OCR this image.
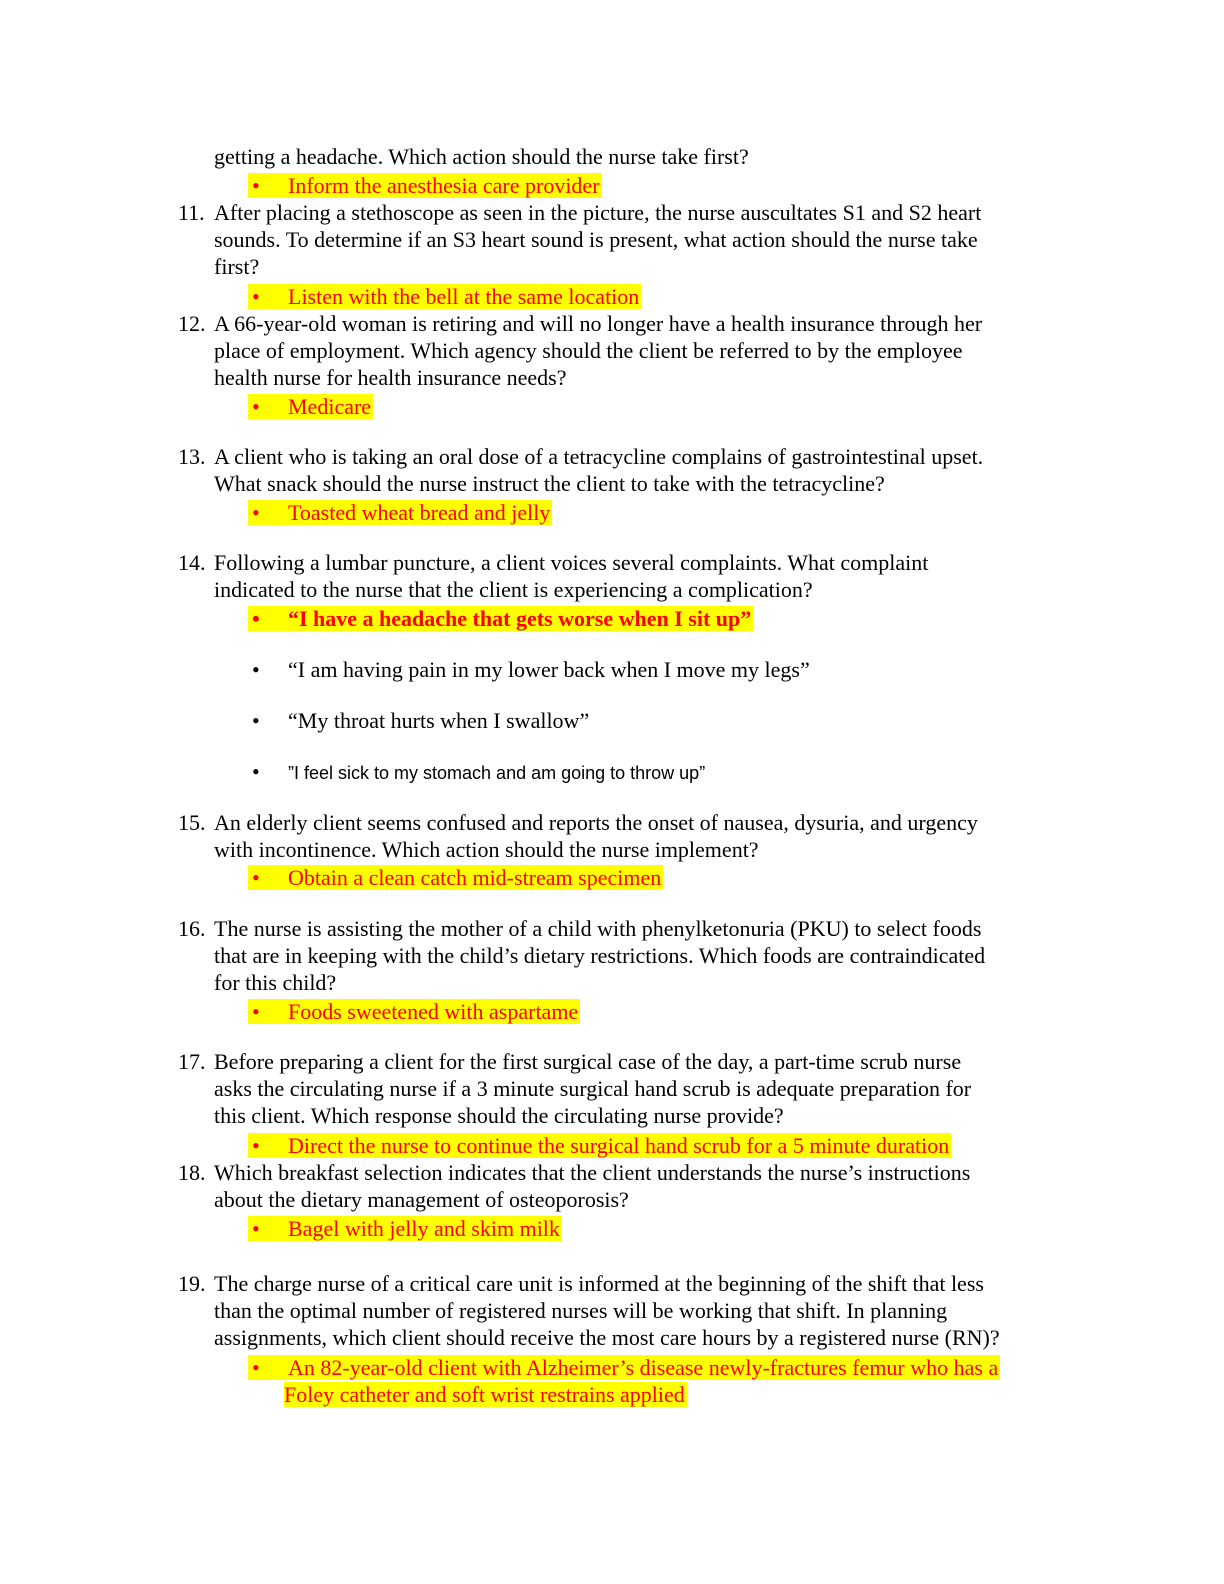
getting a headache. Which action should the nurse take first?
• Inform the anesthesia care provider
11. After placing a stethoscope as seen in the picture, the nurse auscultates S1 and S2 heart
sounds. To determine if an S3 heart sound is present, what action should the nurse take
first?
• Listen with the bell at the same location
12. A 66-year-old woman is retiring and will no longer have a health insurance through her
place of employment. Which agency should the client be referred to by the employee
health nurse for health insurance needs?
• Medicare
13. A client who is taking an oral dose of a tetracycline complains of gastrointestinal upset.
What snack should the nurse instruct the client to take with the tetracycline?
• Toasted wheat bread and jelly
14. Following a lumbar puncture, a client voices several complaints. What complaint
indicated to the nurse that the client is experiencing a complication?
• “I have a headache that gets worse when I sit up”
• “I am having pain in my lower back when I move my legs”
• “My throat hurts when I swallow”
• ”I feel sick to my stomach and am going to throw up”
15. An elderly client seems confused and reports the onset of nausea, dysuria, and urgency
with incontinence. Which action should the nurse implement?
• Obtain a clean catch mid-stream specimen
16. The nurse is assisting the mother of a child with phenylketonuria (PKU) to select foods
that are in keeping with the child’s dietary restrictions. Which foods are contraindicated
for this child?
• Foods sweetened with aspartame
17. Before preparing a client for the first surgical case of the day, a part-time scrub nurse
asks the circulating nurse if a 3 minute surgical hand scrub is adequate preparation for
this client. Which response should the circulating nurse provide?
• Direct the nurse to continue the surgical hand scrub for a 5 minute duration
18. Which breakfast selection indicates that the client understands the nurse’s instructions
about the dietary management of osteoporosis?
• Bagel with jelly and skim milk
19. The charge nurse of a critical care unit is informed at the beginning of the shift that less
than the optimal number of registered nurses will be working that shift. In planning
assignments, which client should receive the most care hours by a registered nurse (RN)?
• An 82-year-old client with Alzheimer’s disease newly-fractures femur who has a
Foley catheter and soft wrist restrains applied
